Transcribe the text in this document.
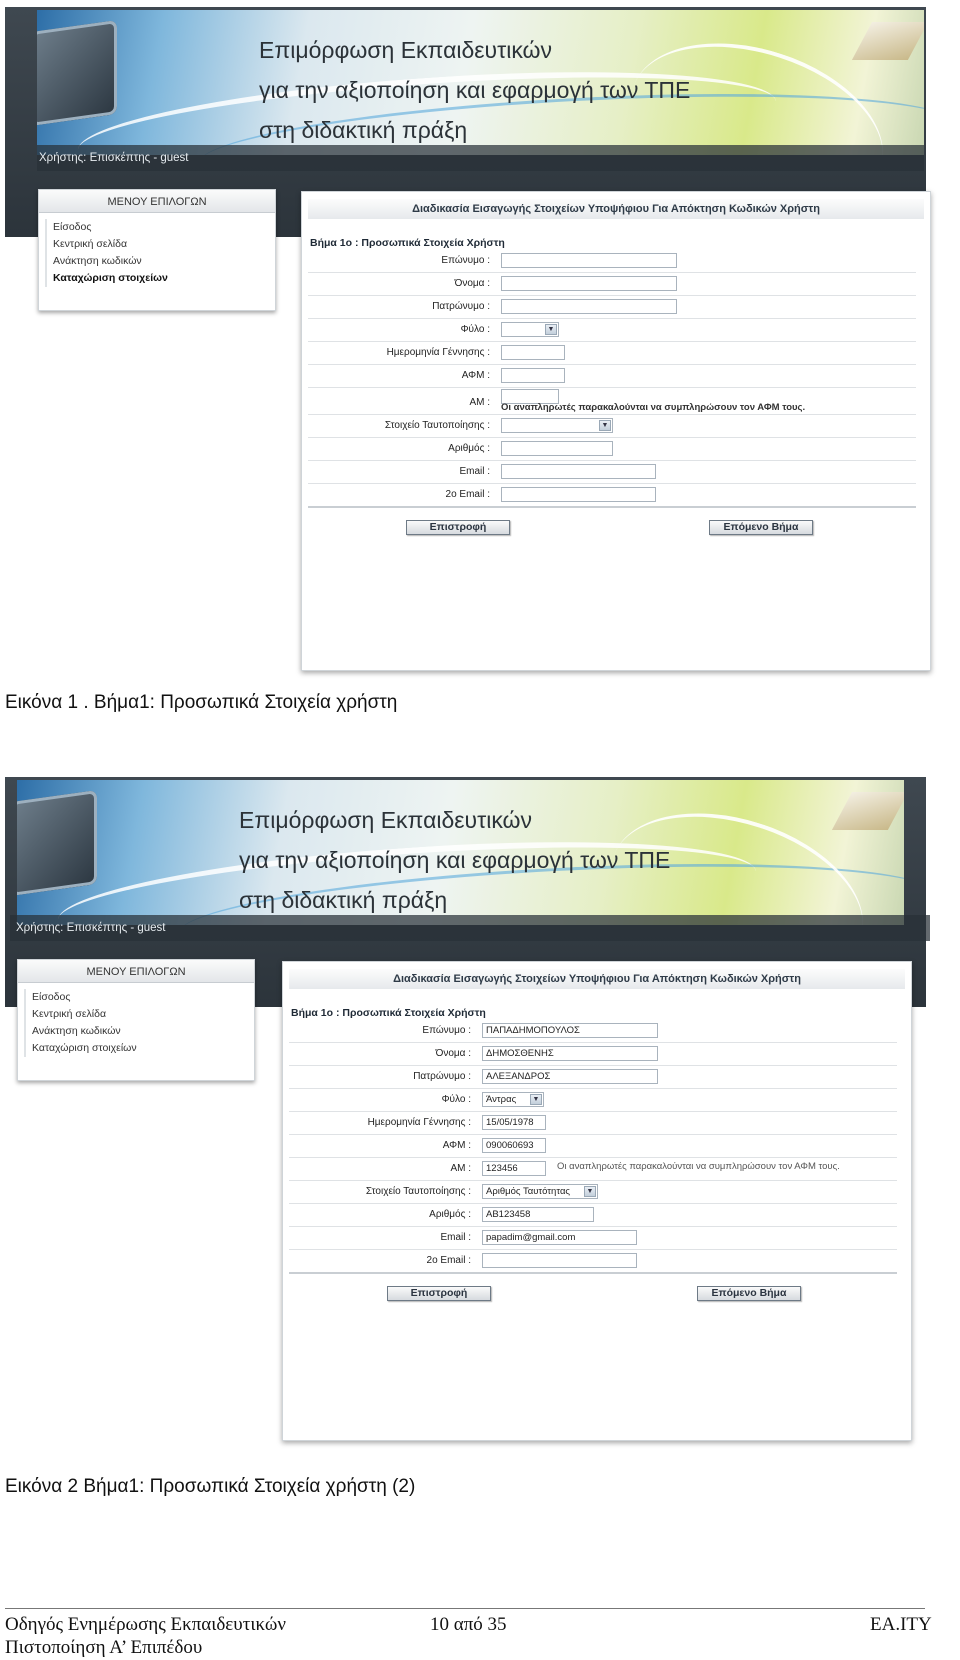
Επιμόρφωση Εκπαιδευτικών
για την αξιοποίηση και εφαρμογή των ΤΠΕ
στη διδακτική πράξη
Χρήστης: Επισκέπτης - guest
ΜΕΝΟΥ ΕΠΙΛΟΓΩΝ
Είσοδος
Κεντρική σελίδα
Ανάκτηση κωδικών
Καταχώριση στοιχείων
Διαδικασία Εισαγωγής Στοιχείων Υποψήφιου Για Απόκτηση Κωδικών Χρήστη
Βήμα 1ο : Προσωπικά Στοιχεία Χρήστη
Επώνυμο :
Όνομα :
Πατρώνυμο :
Φύλο :	▼
Ημερομηνία Γέννησης :
ΑΦΜ :
ΑΜ : Οι αναπληρωτές παρακαλούνται να συμπληρώσουν τον ΑΦΜ τους.
Στοιχείο Ταυτοποίησης :	▼
Αριθμός :
Email :
2ο Email :
Επιστροφή	Επόμενο Βήμα
Εικόνα 1 . Βήμα1: Προσωπικά Στοιχεία χρήστη
Επιμόρφωση Εκπαιδευτικών
για την αξιοποίηση και εφαρμογή των ΤΠΕ
στη διδακτική πράξη
Χρήστης: Επισκέπτης - guest
ΜΕΝΟΥ ΕΠΙΛΟΓΩΝ
Είσοδος
Κεντρική σελίδα
Ανάκτηση κωδικών
Καταχώριση στοιχείων
Διαδικασία Εισαγωγής Στοιχείων Υποψήφιου Για Απόκτηση Κωδικών Χρήστη
Βήμα 1ο : Προσωπικά Στοιχεία Χρήστη
Επώνυμο :	ΠΑΠΑΔΗΜΟΠΟΥΛΟΣ
Όνομα :	ΔΗΜΟΣΘΕΝΗΣ
Πατρώνυμο :	ΑΛΕΞΑΝΔΡΟΣ
Φύλο :	Άντρας	▼
Ημερομηνία Γέννησης :	15/05/1978
ΑΦΜ :	090060693
ΑΜ :	123456	Οι αναπληρωτές παρακαλούνται να συμπληρώσουν τον ΑΦΜ τους.
Στοιχείο Ταυτοποίησης :	Αριθμός Ταυτότητας	▼
Αριθμός :	AB123458
Email :	papadim@gmail.com
2ο Email :
Επιστροφή	Επόμενο Βήμα
Εικόνα 2 Βήμα1: Προσωπικά Στοιχεία χρήστη (2)
Οδηγός Ενημέρωσης Εκπαιδευτικών
Πιστοποίηση Α’ Επιπέδου
10 από 35	ΕΑ.ΙΤΥ
